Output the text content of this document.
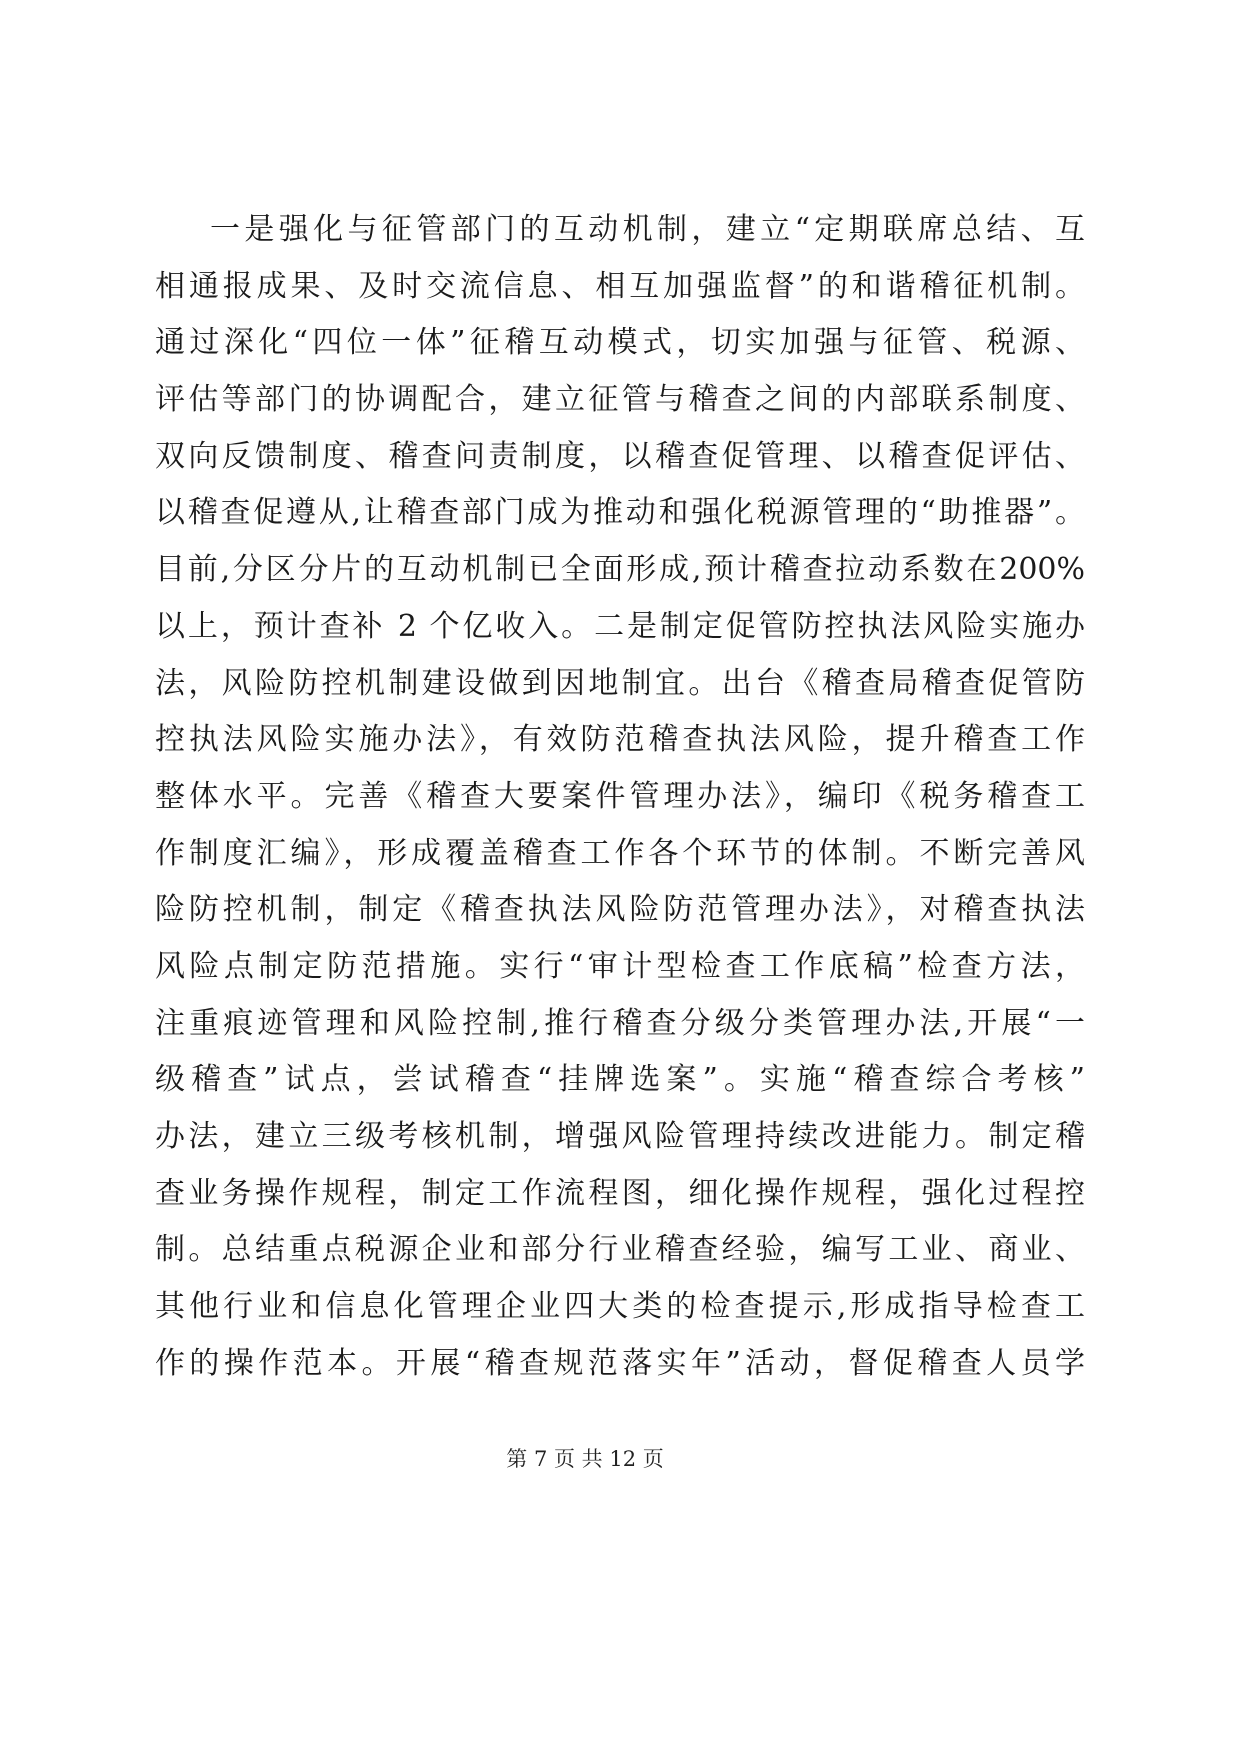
一是强化与征管部门的互动机制，建立“定期联席总结、互
相通报成果、及时交流信息、相互加强监督”的和谐稽征机制。
通过深化“四位一体”征稽互动模式，切实加强与征管、税源、
评估等部门的协调配合，建立征管与稽查之间的内部联系制度、
双向反馈制度、稽查问责制度，以稽查促管理、以稽查促评估、
以稽查促遵从,让稽查部门成为推动和强化税源管理的“助推器”。
目前,分区分片的互动机制已全面形成,预计稽查拉动系数在200%
以上，预计查补 2 个亿收入。二是制定促管防控执法风险实施办
法，风险防控机制建设做到因地制宜。出台《稽查局稽查促管防
控执法风险实施办法》，有效防范稽查执法风险，提升稽查工作
整体水平。完善《稽查大要案件管理办法》，编印《税务稽查工
作制度汇编》，形成覆盖稽查工作各个环节的体制。不断完善风
险防控机制，制定《稽查执法风险防范管理办法》，对稽查执法
风险点制定防范措施。实行“审计型检查工作底稿”检查方法，
注重痕迹管理和风险控制,推行稽查分级分类管理办法,开展“一
级稽查”试点，尝试稽查“挂牌选案”。实施“稽查综合考核”
办法，建立三级考核机制，增强风险管理持续改进能力。制定稽
查业务操作规程，制定工作流程图，细化操作规程，强化过程控
制。总结重点税源企业和部分行业稽查经验，编写工业、商业、
其他行业和信息化管理企业四大类的检查提示,形成指导检查工
作的操作范本。开展“稽查规范落实年”活动，督促稽查人员学
第 7 页 共 12 页
